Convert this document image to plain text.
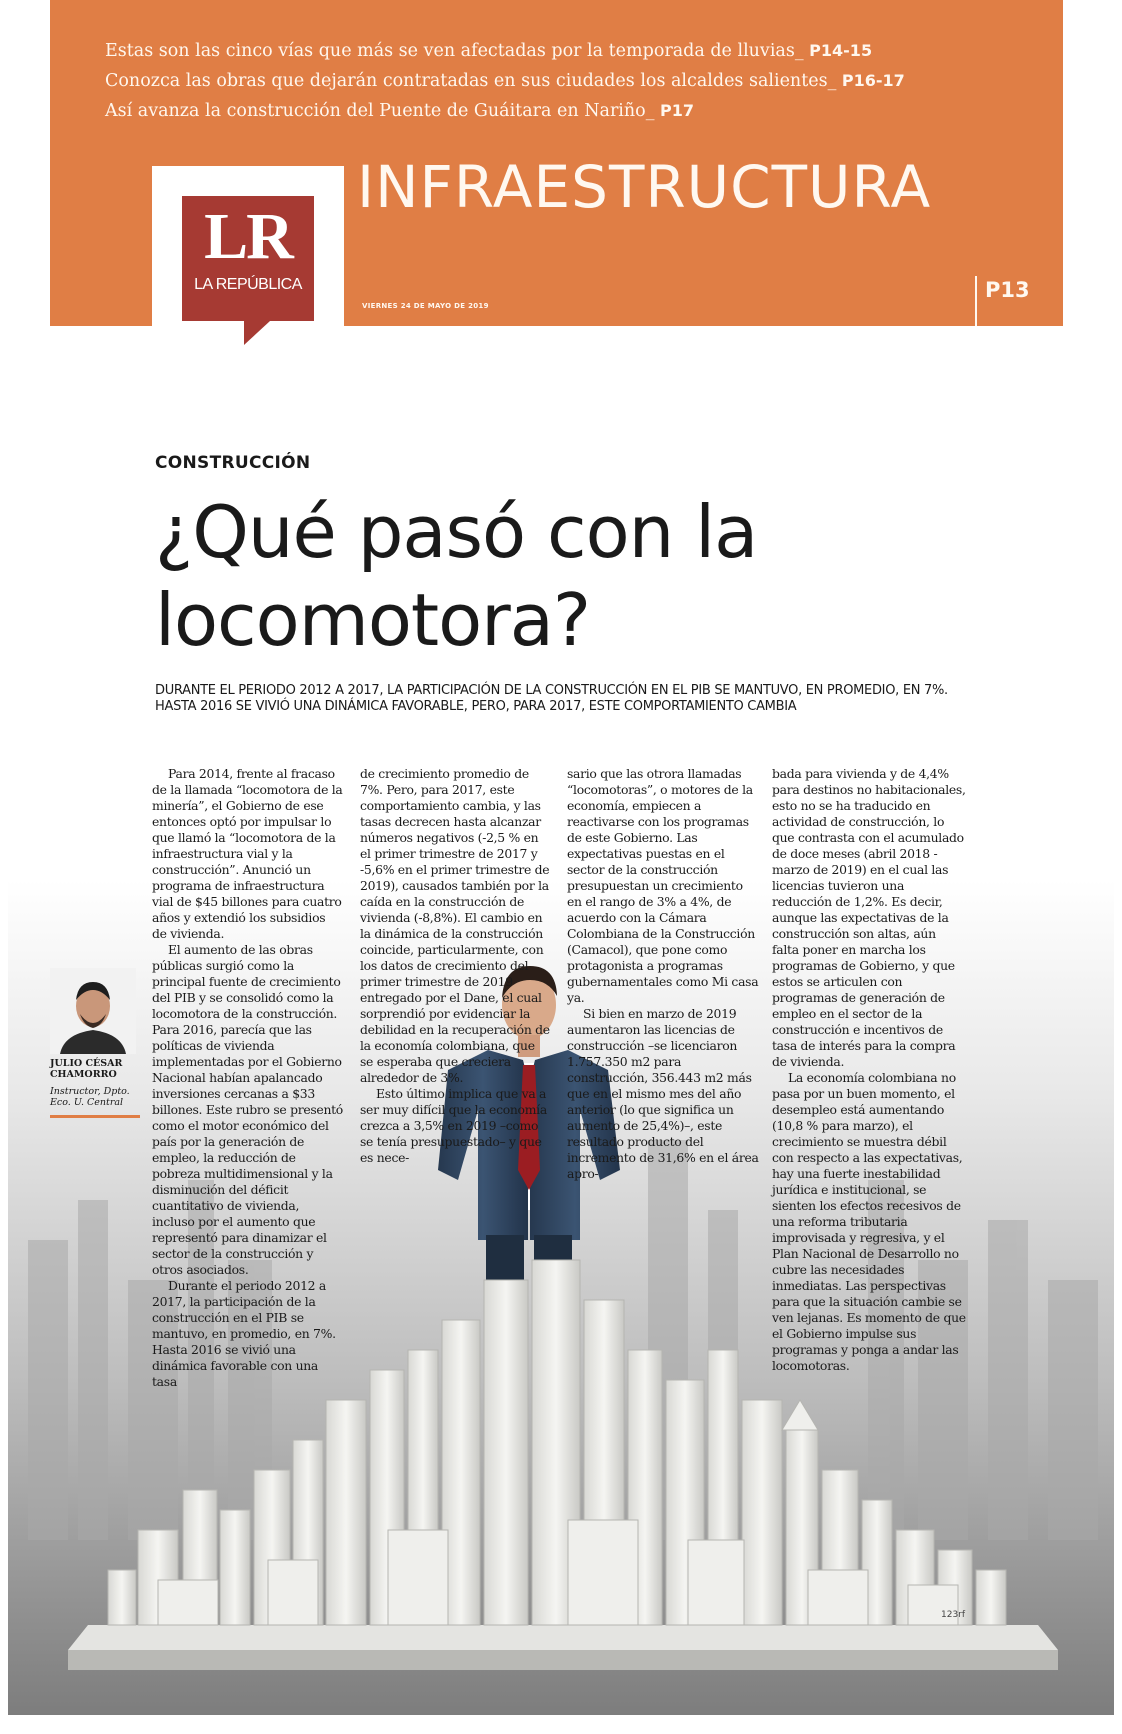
Estas son las cinco vías que más se ven afectadas por la temporada de lluvias_ P14-15
Conozca las obras que dejarán contratadas en sus ciudades los alcaldes salientes_ P16-17
Así avanza la construcción del Puente de Guáitara en Nariño_ P17
LR
LA REPÚBLICA
INFRAESTRUCTURA
VIERNES 24 DE MAYO DE 2019
P13
CONSTRUCCIÓN
¿Qué pasó con la
locomotora?
DURANTE EL PERIODO 2012 A 2017, LA PARTICIPACIÓN DE LA CONSTRUCCIÓN EN EL PIB SE MANTUVO, EN PROMEDIO, EN 7%.
HASTA 2016 SE VIVIÓ UNA DINÁMICA FAVORABLE, PERO, PARA 2017, ESTE COMPORTAMIENTO CAMBIA
JULIO CÉSAR CHAMORRO
Instructor, Dpto. Eco. U. Central

Para 2014, frente al fracaso de la llamada “locomotora de la minería”, el Gobierno de ese entonces optó por impulsar lo que llamó la “locomotora de la infraestructura vial y la construcción”. Anunció un programa de infraestructura vial de $45 billones para cuatro años y extendió los subsidios de vivienda.

El aumento de las obras públicas surgió como la principal fuente de crecimiento del PIB y se consolidó como la locomotora de la construcción. Para 2016, parecía que las políticas de vivienda implementadas por el Gobierno Nacional habían apalancado inversiones cercanas a $33 billones. Este rubro se presentó como el motor económico del país por la generación de empleo, la reducción de pobreza multidimensional y la disminución del déficit cuantitativo de vivienda, incluso por el aumento que representó para dinamizar el sector de la construcción y otros asociados.

Durante el periodo 2012 a 2017, la participación de la construcción en el PIB se mantuvo, en promedio, en 7%. Hasta 2016 se vivió una dinámica favorable con una tasa

de crecimiento promedio de 7%. Pero, para 2017, este comportamiento cambia, y las tasas decrecen hasta alcanzar números negativos (-2,5 % en el primer trimestre de 2017 y -5,6% en el primer trimestre de 2019), causados también por la caída en la construcción de vivienda (-8,8%). El cambio en la dinámica de la construcción coincide, particularmente, con los datos de crecimiento del primer trimestre de 2019 entregado por el Dane, el cual sorprendió por evidenciar la debilidad en la recuperación de la economía colombiana, que se esperaba que creciera alrededor de 3%.

Esto último implica que va a ser muy difícil que la economía crezca a 3,5% en 2019 –como se tenía presupuestado– y que es nece-

sario que las otrora llamadas “locomotoras”, o motores de la economía, empiecen a reactivarse con los programas de este Gobierno. Las expectativas puestas en el sector de la construcción presupuestan un crecimiento en el rango de 3% a 4%, de acuerdo con la Cámara Colombiana de la Construcción (Camacol), que pone como protagonista a programas gubernamentales como Mi casa ya.

Si bien en marzo de 2019 aumentaron las licencias de construcción –se licenciaron 1.757.350 m2 para construcción, 356.443 m2 más que en el mismo mes del año anterior (lo que significa un aumento de 25,4%)–, este resultado producto del incremento de 31,6% en el área apro-

bada para vivienda y de 4,4% para destinos no habitacionales, esto no se ha traducido en actividad de construcción, lo que contrasta con el acumulado de doce meses (abril 2018 - marzo de 2019) en el cual las licencias tuvieron una reducción de 1,2%. Es decir, aunque las expectativas de la construcción son altas, aún falta poner en marcha los programas de Gobierno, y que estos se articulen con programas de generación de empleo en el sector de la construcción e incentivos de tasa de interés para la compra de vivienda.

La economía colombiana no pasa por un buen momento, el desempleo está aumentando (10,8 % para marzo), el crecimiento se muestra débil con respecto a las expectativas, hay una fuerte inestabilidad jurídica e institucional, se sienten los efectos recesivos de una reforma tributaria improvisada y regresiva, y el Plan Nacional de Desarrollo no cubre las necesidades inmediatas. Las perspectivas para que la situación cambie se ven lejanas. Es momento de que el Gobierno impulse sus programas y ponga a andar las locomotoras.

123rf
